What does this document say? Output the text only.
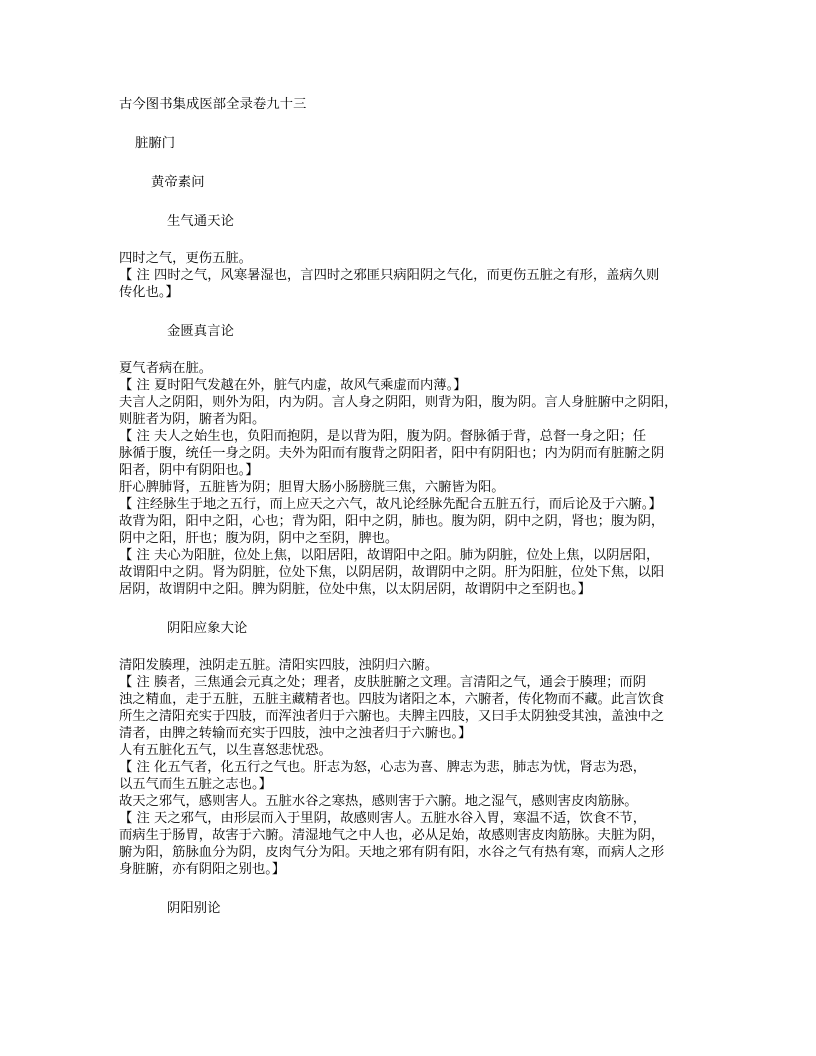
古今图书集成医部全录卷九十三
脏腑门
黄帝素问
生气通天论
四时之气，更伤五脏。
【 注 四时之气，风寒暑湿也，言四时之邪匪只病阳阴之气化，而更伤五脏之有形，盖病久则
传化也。】
金匮真言论
夏气者病在脏。
【 注 夏时阳气发越在外，脏气内虚，故风气乘虚而内薄。】
夫言人之阴阳，则外为阳，内为阴。言人身之阴阳，则背为阳，腹为阴。言人身脏腑中之阴阳，
则脏者为阴，腑者为阳。
【 注 夫人之始生也，负阳而抱阴，是以背为阳，腹为阴。督脉循于背，总督一身之阳；任
脉循于腹，统任一身之阴。夫外为阳而有腹背之阴阳者，阳中有阴阳也；内为阴而有脏腑之阴
阳者，阴中有阴阳也。】
肝心脾肺肾，五脏皆为阴；胆胃大肠小肠膀胱三焦，六腑皆为阳。
【 注经脉生于地之五行，而上应天之六气，故凡论经脉先配合五脏五行，而后论及于六腑。】
故背为阳，阳中之阳，心也；背为阳，阳中之阴，肺也。腹为阴，阴中之阴，肾也；腹为阴，
阴中之阳，肝也；腹为阴，阴中之至阴，脾也。
【 注 夫心为阳脏，位处上焦，以阳居阳，故谓阳中之阳。肺为阴脏，位处上焦，以阴居阳，
故谓阳中之阴。肾为阴脏，位处下焦，以阴居阴，故谓阴中之阴。肝为阳脏，位处下焦，以阳
居阴，故谓阴中之阳。脾为阴脏，位处中焦，以太阴居阴，故谓阴中之至阴也。】
阴阳应象大论
清阳发腠理，浊阴走五脏。清阳实四肢，浊阴归六腑。
【 注 腠者，三焦通会元真之处；理者，皮肤脏腑之文理。言清阳之气，通会于腠理；而阴
浊之精血，走于五脏，五脏主藏精者也。四肢为诸阳之本，六腑者，传化物而不藏。此言饮食
所生之清阳充实于四肢，而浑浊者归于六腑也。夫脾主四肢，又曰手太阴独受其浊，盖浊中之
清者，由脾之转输而充实于四肢，浊中之浊者归于六腑也。】
人有五脏化五气，以生喜怒悲忧恐。
【 注 化五气者，化五行之气也。肝志为怒，心志为喜、脾志为悲，肺志为忧，肾志为恐，
以五气而生五脏之志也。】
故天之邪气，感则害人。五脏水谷之寒热，感则害于六腑。地之湿气，感则害皮肉筋脉。
【 注 天之邪气，由形层而入于里阴，故感则害人。五脏水谷入胃，寒温不适，饮食不节，
而病生于肠胃，故害于六腑。清湿地气之中人也，必从足始，故感则害皮肉筋脉。夫脏为阴，
腑为阳，筋脉血分为阴，皮肉气分为阳。天地之邪有阴有阳，水谷之气有热有寒，而病人之形
身脏腑，亦有阴阳之别也。】
阴阳别论
